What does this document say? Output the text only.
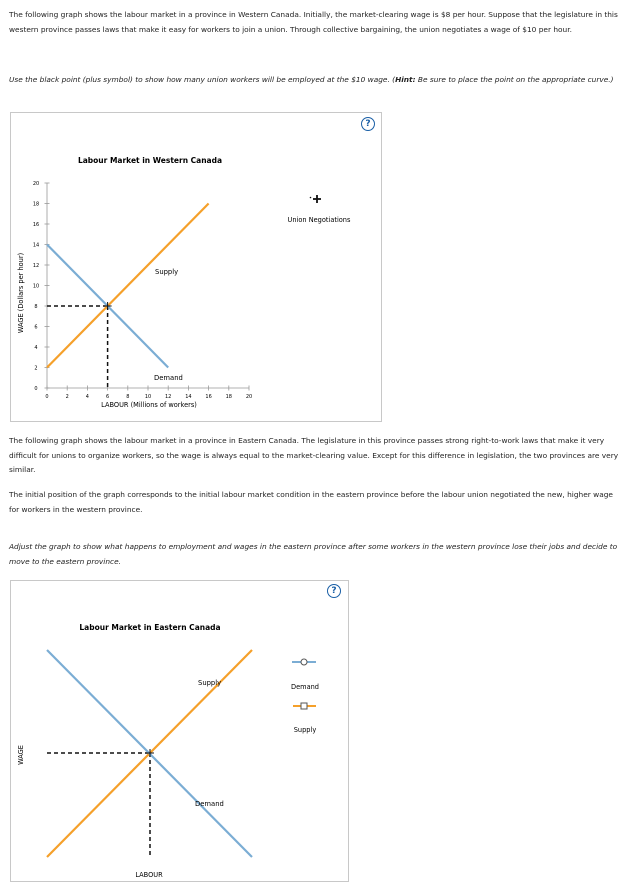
The following graph shows the labour market in a province in Western Canada. Initially, the market-clearing wage is $8 per hour. Suppose that the legislature in this western province passes laws that make it easy for workers to join a union. Through collective bargaining, the union negotiates a wage of $10 per hour.

Use the black point (plus symbol) to show how many union workers will be employed at the $10 wage. (Hint: Be sure to place the point on the appropriate curve.)

?
Labour Market in Western Canada
WAGE (Dollars per hour)
LABOUR (Millions of workers)
0	2	4	6	8	10	12	14	16	18	20
0
2
4
6
8
10
12
14
16
18
20
Supply
Demand
Union Negotiations

The following graph shows the labour market in a province in Eastern Canada. The legislature in this province passes strong right-to-work laws that make it very difficult for unions to organize workers, so the wage is always equal to the market-clearing value. Except for this difference in legislation, the two provinces are very similar.

The initial position of the graph corresponds to the initial labour market condition in the eastern province before the labour union negotiated the new, higher wage for workers in the western province.

Adjust the graph to show what happens to employment and wages in the eastern province after some workers in the western province lose their jobs and decide to move to the eastern province.

?
Labour Market in Eastern Canada
WAGE
LABOUR
Supply
Demand
Demand
Supply
